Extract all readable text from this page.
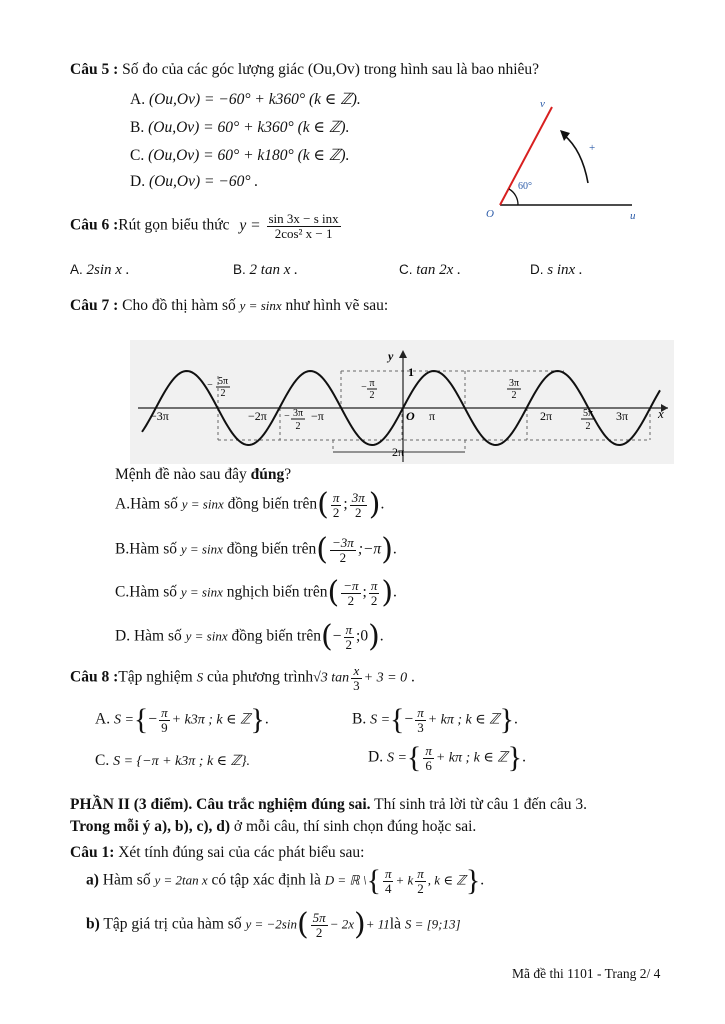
Câu 5 : Số đo của các góc lượng giác (Ou,Ov) trong hình sau là bao nhiêu?
A. (Ou,Ov) = −60° + k360° (k ∈ ℤ).
B. (Ou,Ov) = 60° + k360° (k ∈ ℤ).
C. (Ou,Ov) = 60° + k180° (k ∈ ℤ).
D. (Ou,Ov) = −60° .	60°
+
O	u
v
Câu 6 :Rút gọn biểu thức $y = \frac{\text{sin 3x − s inx}}{\text{2cos² x − 1}}$
A. 2sin x .	B. 2 tan x .	C. tan 2x .	D. s inx .
Câu 7 : Cho đồ thị hàm số y = sinx như hình vẽ sau:
y
1
x
O
−3π	−2π	−π	π	2π	3π
− 5π
2
− 3π
2
− π
2
3π
2
5π
2
2π
Mệnh đề nào sau đây đúng?
A.Hàm số y = sinx đồng biến trên( $\frac{\pi}{2}$ ; $\frac{3\pi}{2}$ ).
B.Hàm số y = sinx đồng biến trên( $\frac{-3\pi}{2}$ ;−π).
C.Hàm số y = sinx nghịch biến trên( $\frac{-\pi}{2}$ ; $\frac{\pi}{2}$ ).
D. Hàm số y = sinx đồng biến trên(− $\frac{\pi}{2}$ ;0).
Câu 8 :Tập nghiệm S của phương trình√3 $\tan \frac{x}{3} + 3 = 0$ .
A. S ={− $\frac{\pi}{9} + k3\pi$ ; k ∈ ℤ}.	B. S ={− $\frac{\pi}{3} + k\pi$ ; k ∈ ℤ}.
C. S = {−π + k3π ; k ∈ ℤ}.	D. S ={ $\frac{\pi}{6} + k\pi$ ; k ∈ ℤ}.
PHẦN II (3 điểm). Câu trắc nghiệm đúng sai. Thí sinh trả lời từ câu 1 đến câu 3.
Trong mỗi ý a), b), c), d) ở mỗi câu, thí sinh chọn đúng hoặc sai.
Câu 1: Xét tính đúng sai của các phát biểu sau:
a) Hàm số y = 2tan x có tập xác định là D = ℝ \{ $\frac{\pi}{4} + k \frac{\pi}{2}$ , k ∈ ℤ}.
b) Tập giá trị của hàm số $y = -2\sin( \frac{5\pi}{2} - 2x)+$ 11là S = [9;13]
Mã đề thi 1101 - Trang 2/ 4
